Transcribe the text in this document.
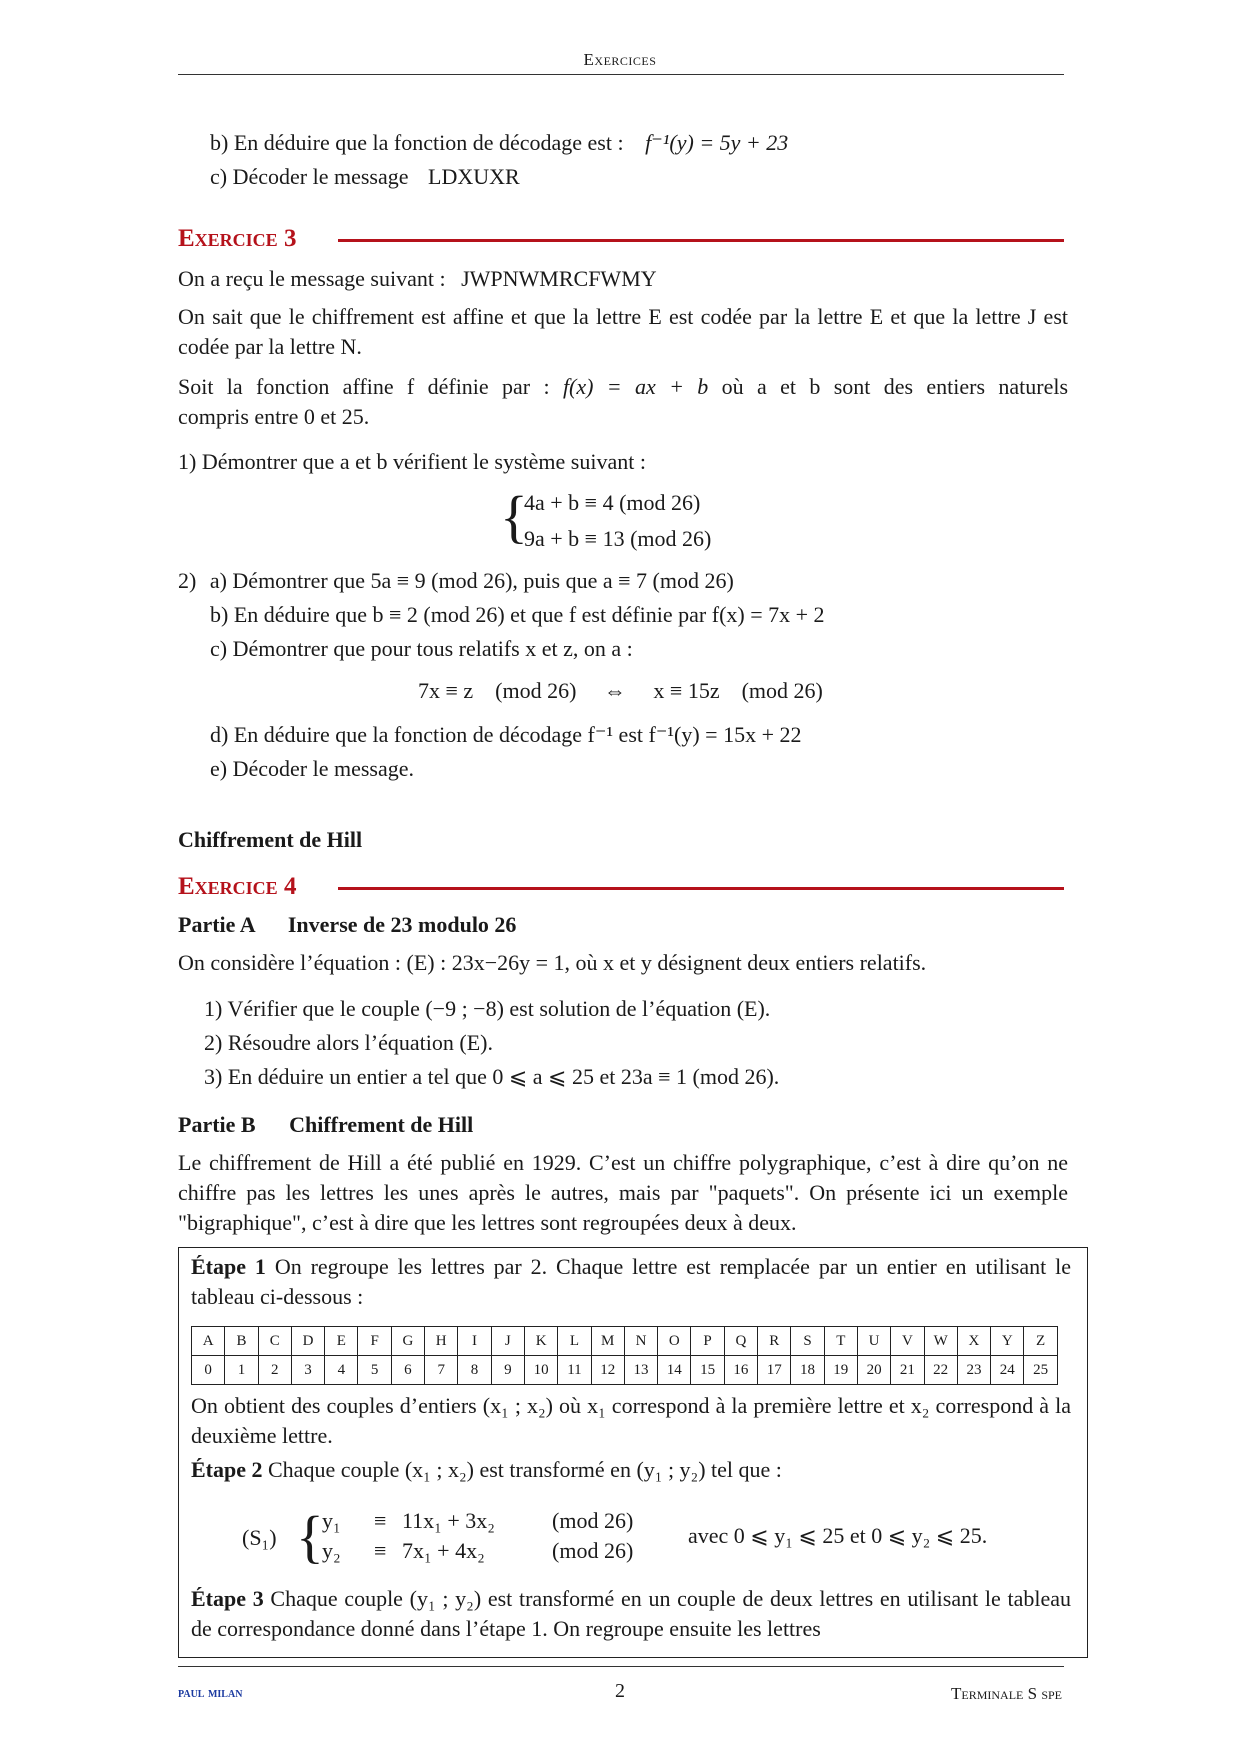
Exercices
b) En déduire que la fonction de décodage est : f⁻¹(y) = 5y + 23
c) Décoder le message LDXUXR
Exercice 3
On a reçu le message suivant : JWPNWMRCFWMY
On sait que le chiffrement est affine et que la lettre E est codée par la lettre E et que la lettre J est codée par la lettre N.
Soit la fonction affine f définie par : f(x) = ax + b où a et b sont des entiers naturels
compris entre 0 et 25.
1) Démontrer que a et b vérifient le système suivant :
{
4a + b ≡ 4 (mod 26)
9a + b ≡ 13 (mod 26)
2) a) Démontrer que 5a ≡ 9 (mod 26), puis que a ≡ 7 (mod 26)
b) En déduire que b ≡ 2 (mod 26) et que f est définie par f(x) = 7x + 2
c) Démontrer que pour tous relatifs x et z, on a :
7x ≡ z    (mod 26)     ⇔     x ≡ 15z    (mod 26)
d) En déduire que la fonction de décodage f⁻¹ est f⁻¹(y) = 15x + 22
e) Décoder le message.
Chiffrement de Hill
Exercice 4
Partie A Inverse de 23 modulo 26
On considère l’équation : (E) : 23x−26y = 1, où x et y désignent deux entiers relatifs.
1) Vérifier que le couple (−9 ; −8) est solution de l’équation (E).
2) Résoudre alors l’équation (E).
3) En déduire un entier a tel que 0 ⩽ a ⩽ 25 et 23a ≡ 1 (mod 26).
Partie B Chiffrement de Hill
Le chiffrement de Hill a été publié en 1929. C’est un chiffre polygraphique, c’est à dire qu’on ne chiffre pas les lettres les unes après le autres, mais par "paquets". On présente ici un exemple "bigraphique", c’est à dire que les lettres sont regroupées deux à deux.
Étape 1 On regroupe les lettres par 2. Chaque lettre est remplacée par un entier en utilisant le tableau ci-dessous :
A	B	C	D	E	F	G	H	I	J	K	L	M	N	O	P	Q	R	S	T	U	V	W	X	Y	Z
0	1	2	3	4	5	6	7	8	9	10	11	12	13	14	15	16	17	18	19	20	21	22	23	24	25
On obtient des couples d’entiers (x₁ ; x₂) où x₁ correspond à la première lettre et x₂ correspond à la deuxième lettre.
Étape 2 Chaque couple (x₁ ; x₂) est transformé en (y₁ ; y₂) tel que :
(S₁) {
y₁ ≡ 11x₁ + 3x₂	(mod 26)
y₂ ≡ 7x₁ + 4x₂	(mod 26)
avec 0 ⩽ y₁ ⩽ 25 et 0 ⩽ y₂ ⩽ 25.
Étape 3 Chaque couple (y₁ ; y₂) est transformé en un couple de deux lettres en utilisant le tableau de correspondance donné dans l’étape 1. On regroupe ensuite les lettres
paul milan	2	Terminale S spe
